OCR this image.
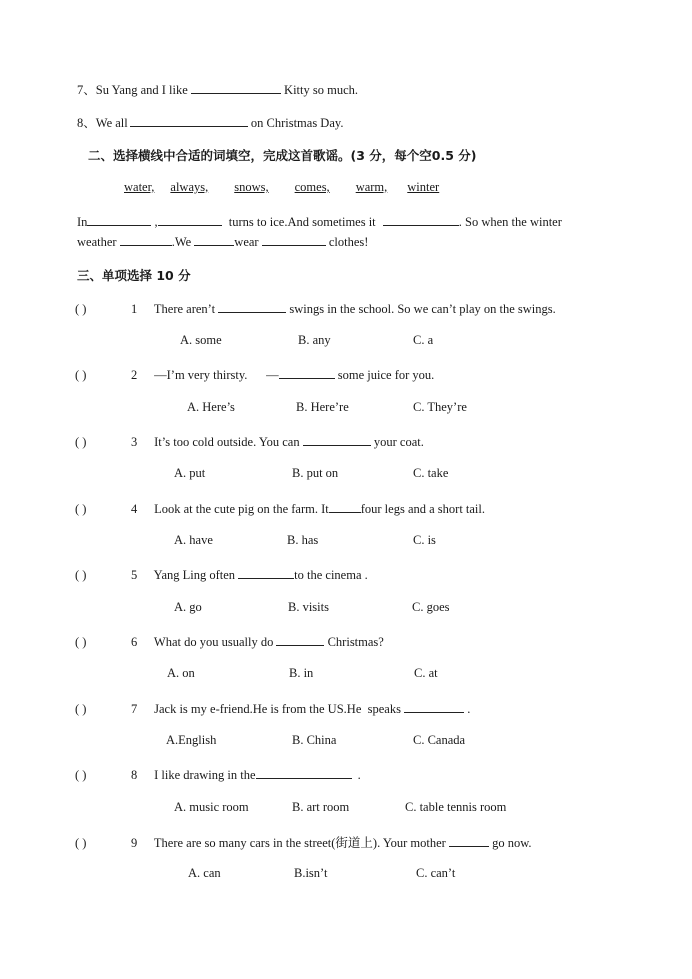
7、Su Yang and I like	Kitty so much.
8、We all	on Christmas Day.
二、选择横线中合适的词填空，完成这首歌谣。(3 分，每个空0.5 分)
water, always, snows, comes, warm, winter
In	,	turns to ice.And sometimes it	. So when the winter
weather	.We	wear	clothes!
三、单项选择 10 分
( )	1 There aren’t	swings in the school. So we can’t play on the swings.
A. some	B. any	C. a
( )	2 —I’m very thirsty.      —	some juice for you.
A. Here’s	B. Here’re	C. They’re
( )	3 It’s too cold outside. You can	your coat.
A. put	B. put on	C. take
( )	4 Look at the cute pig on the farm. It	four legs and a short tail.
A. have	B. has	C. is
( )	5 Yang Ling often	to the cinema .
A. go	B. visits	C. goes
( )	6 What do you usually do	Christmas?
A. on	B. in	C. at
( )	7 Jack is my e-friend.He is from the US.He  speaks	.
A.English	B. China	C. Canada
( )	8 I like drawing in the	.
A. music room	B. art room	C. table tennis room
( )	9 There are so many cars in the street(街道上). Your mother	go now.
A. can	B.isn’t	C. can’t
